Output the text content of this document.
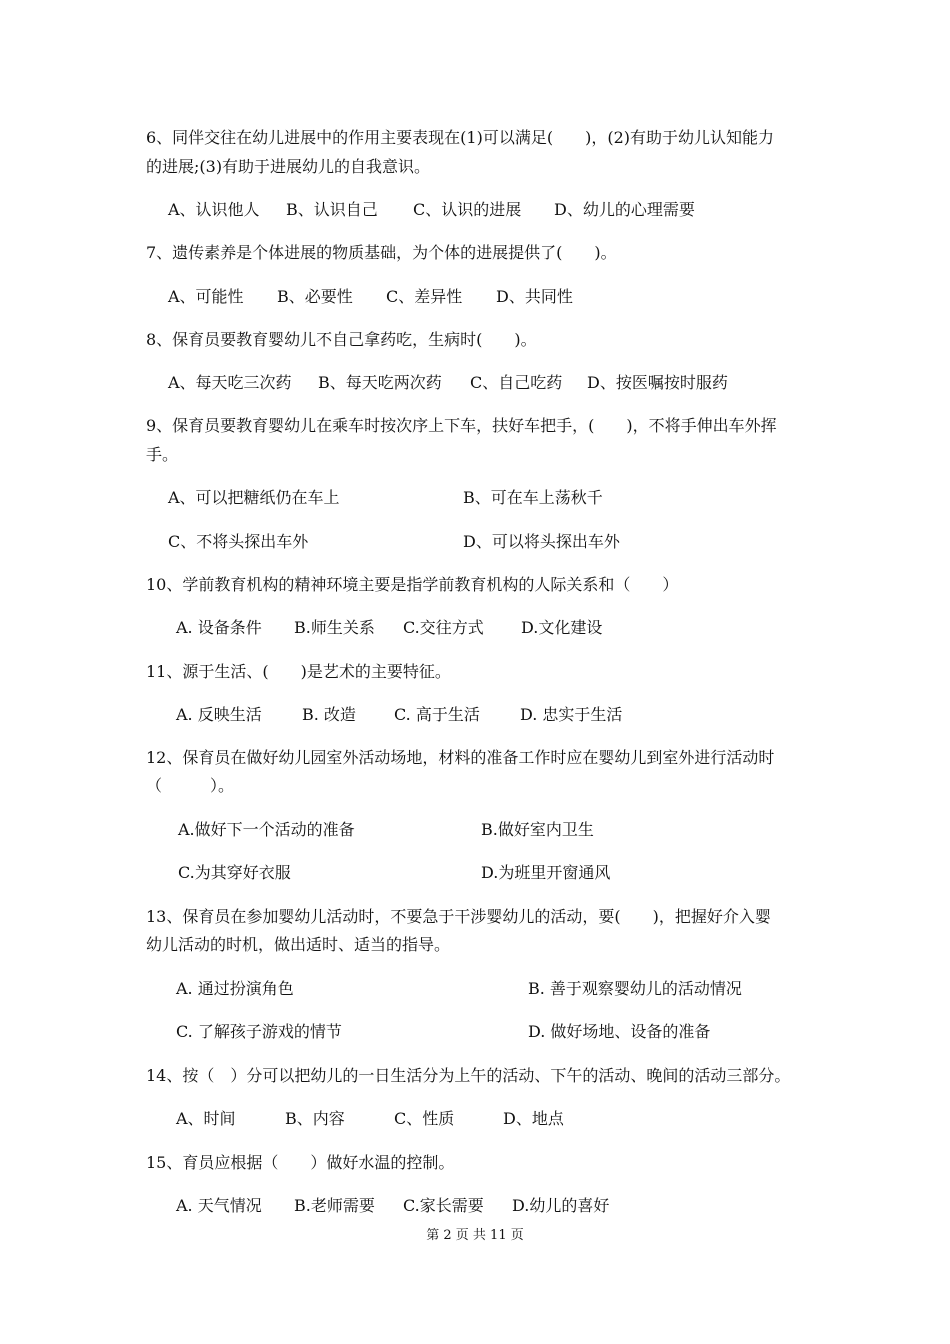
6、同伴交往在幼儿进展中的作用主要表现在(1)可以满足(　　)，(2)有助于幼儿认知能力
的进展;(3)有助于进展幼儿的自我意识。
A、认识他人 B、认识自己 C、认识的进展 D、幼儿的心理需要
7、遗传素养是个体进展的物质基础，为个体的进展提供了(　　)。
A、可能性 B、必要性 C、差异性 D、共同性
8、保育员要教育婴幼儿不自己拿药吃，生病时(　　)。
A、每天吃三次药 B、每天吃两次药 C、自己吃药 D、按医嘱按时服药
9、保育员要教育婴幼儿在乘车时按次序上下车，扶好车把手，(　　)，不将手伸出车外挥
手。
A、可以把糖纸仍在车上	B、可在车上荡秋千
C、不将头探出车外	D、可以将头探出车外
10、学前教育机构的精神环境主要是指学前教育机构的人际关系和（　　）
A. 设备条件 B.师生关系 C.交往方式 D.文化建设
11、源于生活、(　　)是艺术的主要特征。
A. 反映生活	B. 改造 C. 高于生活	D. 忠实于生活
12、保育员在做好幼儿园室外活动场地，材料的准备工作时应在婴幼儿到室外进行活动时
（　　　）。
A.做好下一个活动的准备	B.做好室内卫生
C.为其穿好衣服	D.为班里开窗通风
13、保育员在参加婴幼儿活动时，不要急于干涉婴幼儿的活动，要(　　)，把握好介入婴
幼儿活动的时机，做出适时、适当的指导。
A. 通过扮演角色	B. 善于观察婴幼儿的活动情况
C. 了解孩子游戏的情节	D. 做好场地、设备的准备
14、按（　）分可以把幼儿的一日生活分为上午的活动、下午的活动、晚间的活动三部分。
A、时间	B、内容	C、性质	D、地点
15、育员应根据（　　）做好水温的控制。
A. 天气情况 B.老师需要 C.家长需要 D.幼儿的喜好
第 2 页 共 11 页
